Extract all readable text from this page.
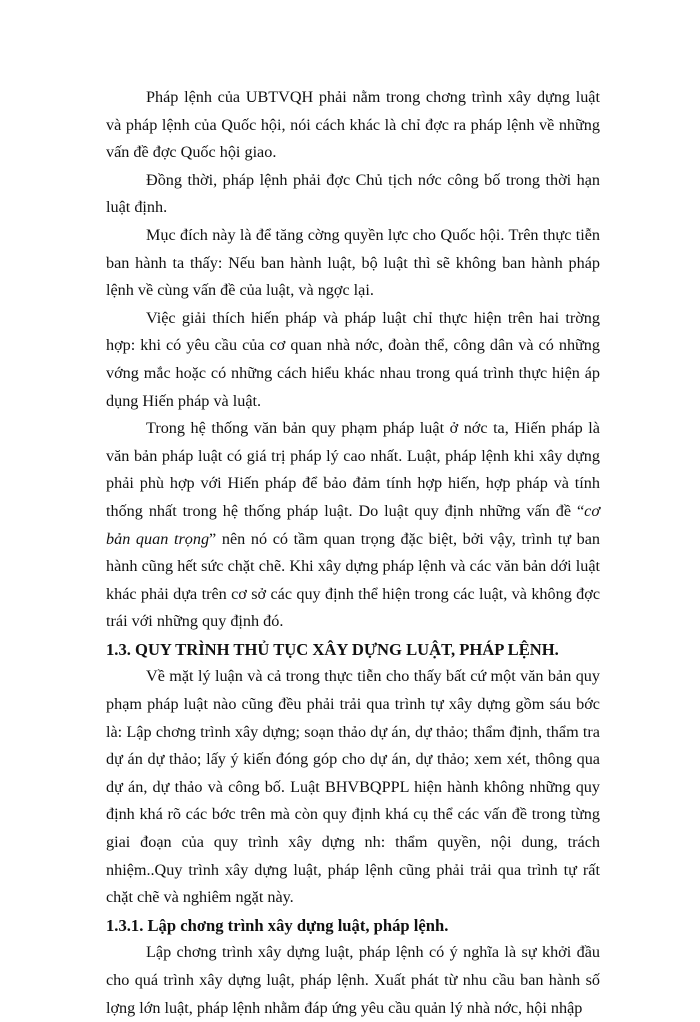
Pháp lệnh của UBTVQH phải nằm trong chơng trình xây dựng luật và pháp lệnh của Quốc hội, nói cách khác là chỉ đợc ra pháp lệnh về những vấn đề đợc Quốc hội giao.

Đồng thời, pháp lệnh phải đợc Chủ tịch nớc công bố trong thời hạn luật định.

Mục đích này là để tăng cờng quyền lực cho Quốc hội. Trên thực tiễn ban hành ta thấy: Nếu ban hành luật, bộ luật thì sẽ không ban hành pháp lệnh về cùng vấn đề của luật, và ngợc lại.

Việc giải thích hiến pháp và pháp luật chỉ thực hiện trên hai trờng hợp: khi có yêu cầu của cơ quan nhà nớc, đoàn thể, công dân và có những vớng mắc hoặc có những cách hiểu khác nhau trong quá trình thực hiện áp dụng Hiến pháp và luật.

Trong hệ thống văn bản quy phạm pháp luật ở nớc ta, Hiến pháp là văn bản pháp luật có giá trị pháp lý cao nhất. Luật, pháp lệnh khi xây dựng phải phù hợp với Hiến pháp để bảo đảm tính hợp hiến, hợp pháp và tính thống nhất trong hệ thống pháp luật. Do luật quy định những vấn đề “cơ bản quan trọng” nên nó có tầm quan trọng đặc biệt, bởi vậy, trình tự ban hành cũng hết sức chặt chẽ. Khi xây dựng pháp lệnh và các văn bản dới luật khác phải dựa trên cơ sở các quy định thể hiện trong các luật, và không đợc trái với những quy định đó.

1.3. QUY TRÌNH THỦ TỤC XÂY DỰNG LUẬT, PHÁP LỆNH.

Về mặt lý luận và cả trong thực tiễn cho thấy bất cứ một văn bản quy phạm pháp luật nào cũng đều phải trải qua trình tự xây dựng gồm sáu bớc là: Lập chơng trình xây dựng; soạn thảo dự án, dự thảo; thẩm định, thẩm tra dự án dự thảo; lấy ý kiến đóng góp cho dự án, dự thảo; xem xét, thông qua dự án, dự thảo và công bố. Luật BHVBQPPL hiện hành không những quy định khá rõ các bớc trên mà còn quy định khá cụ thể các vấn đề trong từng giai đoạn của quy trình xây dựng nh: thẩm quyền, nội dung, trách nhiệm..Quy trình xây dựng luật, pháp lệnh cũng phải trải qua trình tự rất chặt chẽ và nghiêm ngặt này.

1.3.1. Lập chơng trình xây dựng luật, pháp lệnh.

Lập chơng trình xây dựng luật, pháp lệnh có ý nghĩa là sự khởi đầu cho quá trình xây dựng luật, pháp lệnh. Xuất phát từ nhu cầu ban hành số lợng lớn luật, pháp lệnh nhằm đáp ứng yêu cầu quản lý nhà nớc, hội nhập
